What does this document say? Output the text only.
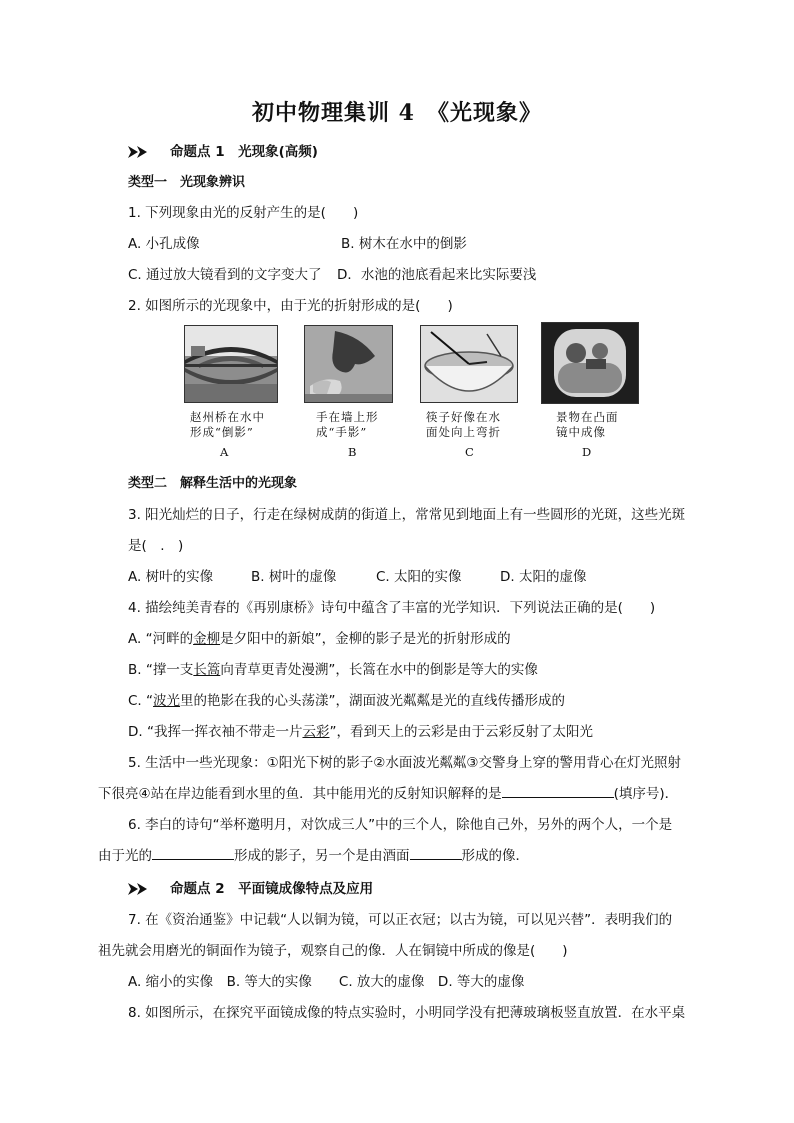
初中物理集训 4　《光现象》
命题点 1　光现象(高频)
类型一　光现象辨识
1. 下列现象由光的反射产生的是(　　)
A. 小孔成像	B. 树木在水中的倒影
C. 通过放大镜看到的文字变大了 D．水池的池底看起来比实际要浅
2. 如图所示的光现象中，由于光的折射形成的是(　　)
赵州桥在水中
形成“倒影”
A
手在墙上形
成“手影”
B
筷子好像在水
面处向上弯折
C
景物在凸面
镜中成像
D
类型二　解释生活中的光现象
3. 阳光灿烂的日子，行走在绿树成荫的街道上，常常见到地面上有一些圆形的光斑，这些光斑
是(　.　)
A. 树叶的实像	B. 树叶的虚像	C. 太阳的实像	D. 太阳的虚像
4. 描绘纯美青春的《再别康桥》诗句中蕴含了丰富的光学知识．下列说法正确的是(　　)
A. “河畔的金柳是夕阳中的新娘”，金柳的影子是光的折射形成的
B. “撑一支长篙向青草更青处漫溯”，长篙在水中的倒影是等大的实像
C. “波光里的艳影在我的心头荡漾”，湖面波光粼粼是光的直线传播形成的
D. “我挥一挥衣袖不带走一片云彩”，看到天上的云彩是由于云彩反射了太阳光
5. 生活中一些光现象：①阳光下树的影子②水面波光粼粼③交警身上穿的警用背心在灯光照射
下很亮④站在岸边能看到水里的鱼．其中能用光的反射知识解释的是	(填序号)．
6. 李白的诗句“举杯邀明月，对饮成三人”中的三个人，除他自己外，另外的两个人，一个是
由于光的	形成的影子，另一个是由酒面	形成的像．
命题点 2　平面镜成像特点及应用
7. 在《资治通鉴》中记载“人以铜为镜，可以正衣冠；以古为镜，可以见兴替”．表明我们的
祖先就会用磨光的铜面作为镜子，观察自己的像．人在铜镜中所成的像是(　　)
A. 缩小的实像　B. 等大的实像　　C. 放大的虚像　D. 等大的虚像
8. 如图所示，在探究平面镜成像的特点实验时，小明同学没有把薄玻璃板竖直放置．在水平桌
